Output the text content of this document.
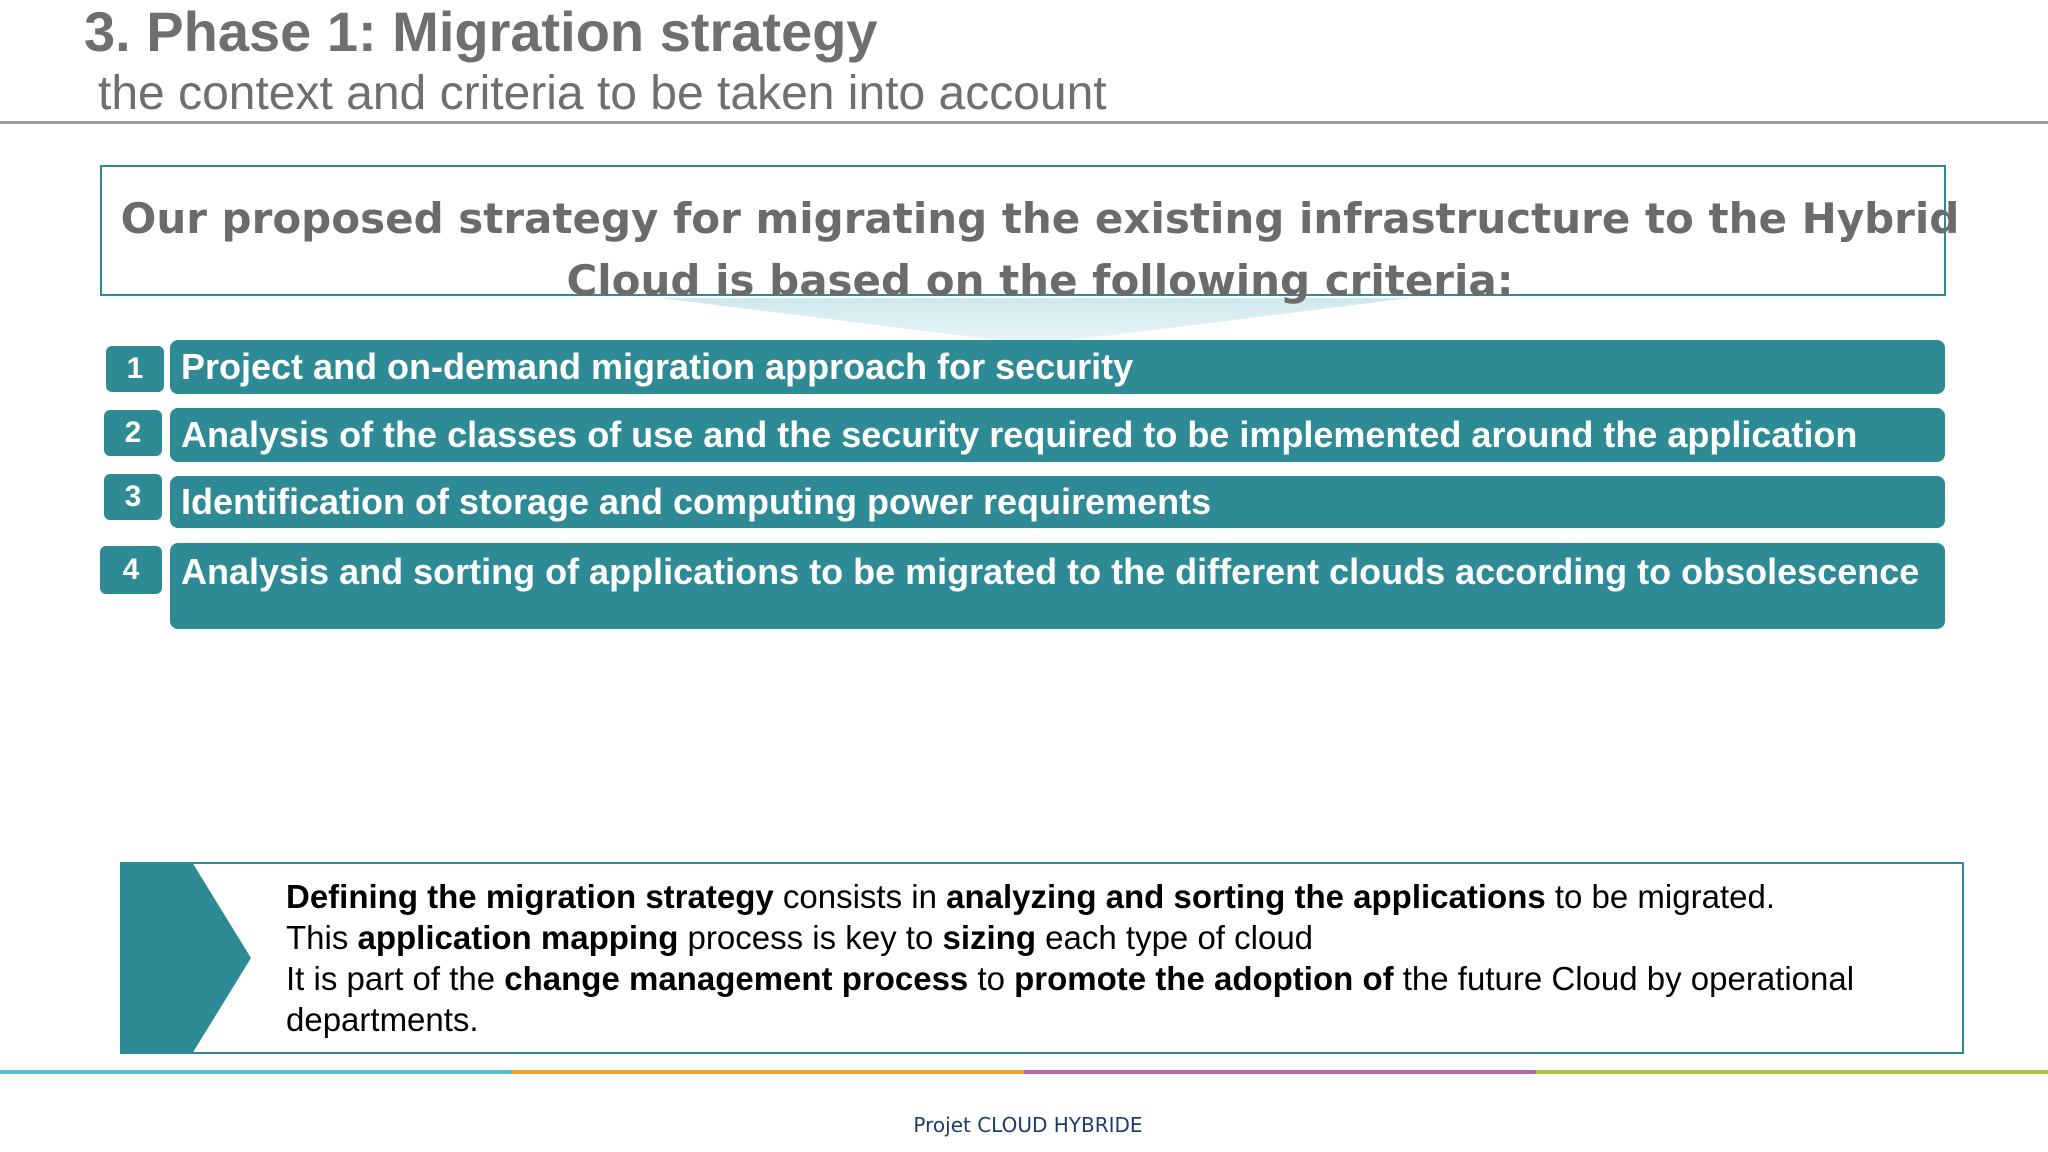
3. Phase 1: Migration strategy
the context and criteria to be taken into account
Our proposed strategy for migrating the existing infrastructure to the Hybrid Cloud is based on the following criteria:
1	Project and on-demand migration approach for security
2	Analysis of the classes of use and the security required to be implemented around the application
3	Identification of storage and computing power requirements
4	Analysis and sorting of applications to be migrated to the different clouds according to obsolescence
Defining the migration strategy consists in analyzing and sorting the applications to be migrated.
This application mapping process is key to sizing each type of cloud
It is part of the change management process to promote the adoption of the future Cloud by operational departments.
Projet CLOUD HYBRIDE
